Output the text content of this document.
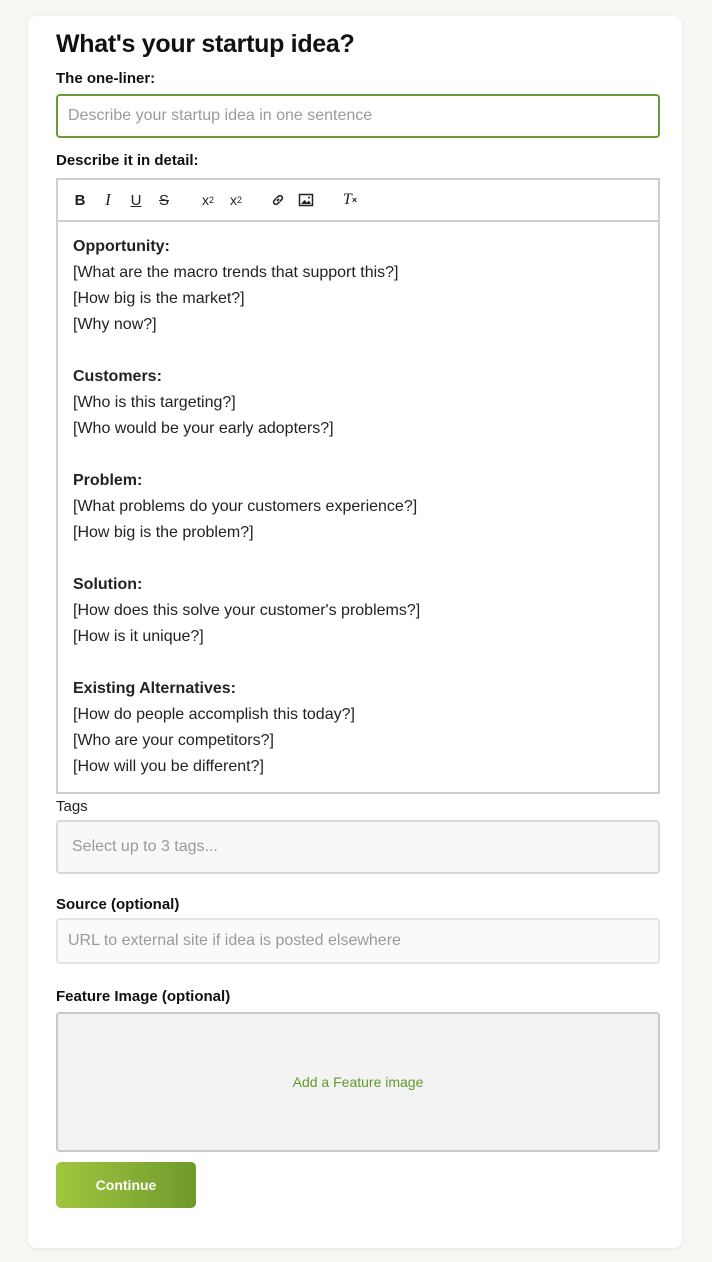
What's your startup idea?
The one-liner:
Describe your startup idea in one sentence
Describe it in detail:
B	I	U	S	x 2 x 2	T ×

Opportunity:

[What are the macro trends that support this?]

[How big is the market?]

[Why now?]

Customers:

[Who is this targeting?]

[Who would be your early adopters?]

Problem:

[What problems do your customers experience?]

[How big is the problem?]

Solution:

[How does this solve your customer's problems?]

[How is it unique?]

Existing Alternatives:

[How do people accomplish this today?]

[Who are your competitors?]

[How will you be different?]

Tags
Select up to 3 tags...
Source (optional)
URL to external site if idea is posted elsewhere
Feature Image (optional)
Add a Feature image
Continue
